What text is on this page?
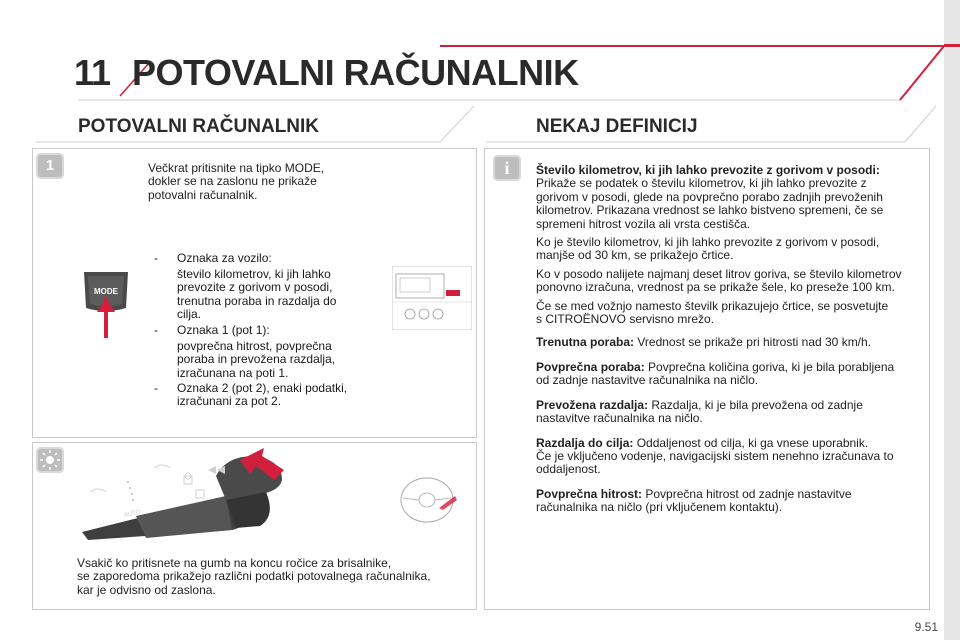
11 POTOVALNI RAČUNALNIK
POTOVALNI RAČUNALNIK	NEKAJ DEFINICIJ
1	Večkrat pritisnite na tipko MODE,
dokler se na zaslonu ne prikaže
potovalni računalnik.
MODE
- Oznaka za vozilo:
število kilometrov, ki jih lahko
prevozite z gorivom v posodi,
trenutna poraba in razdalja do
cilja.
- Oznaka 1 (pot 1):
povprečna hitrost, povprečna
poraba in prevožena razdalja,
izračunana na poti 1.
- Oznaka 2 (pot 2), enaki podatki,
izračunani za pot 2.
AUTO
Vsakič ko pritisnete na gumb na koncu ročice za brisalnike,
se zaporedoma prikažejo različni podatki potovalnega računalnika,
kar je odvisno od zaslona.
i	Število kilometrov, ki jih lahko prevozite z gorivom v posodi:

Prikaže se podatek o številu kilometrov, ki jih lahko prevozite z
gorivom v posodi, glede na povprečno porabo zadnjih prevoženih
kilometrov. Prikazana vrednost se lahko bistveno spremeni, če se
spremeni hitrost vozila ali vrsta cestišča.

Ko je število kilometrov, ki jih lahko prevozite z gorivom v posodi,
manjše od 30 km, se prikažejo črtice.

Ko v posodo nalijete najmanj deset litrov goriva, se število kilometrov
ponovno izračuna, vrednost pa se prikaže šele, ko preseže 100 km.

Če se med vožnjo namesto številk prikazujejo črtice, se posvetujte
s CITROËNOVO servisno mrežo.

Trenutna poraba: Vrednost se prikaže pri hitrosti nad 30 km/h.

Povprečna poraba: Povprečna količina goriva, ki je bila porabljena
od zadnje nastavitve računalnika na ničlo.

Prevožena razdalja: Razdalja, ki je bila prevožena od zadnje
nastavitve računalnika na ničlo.

Razdalja do cilja: Oddaljenost od cilja, ki ga vnese uporabnik.
Če je vključeno vodenje, navigacijski sistem nenehno izračunava to
oddaljenost.

Povprečna hitrost: Povprečna hitrost od zadnje nastavitve
računalnika na ničlo (pri vključenem kontaktu).

9.51
